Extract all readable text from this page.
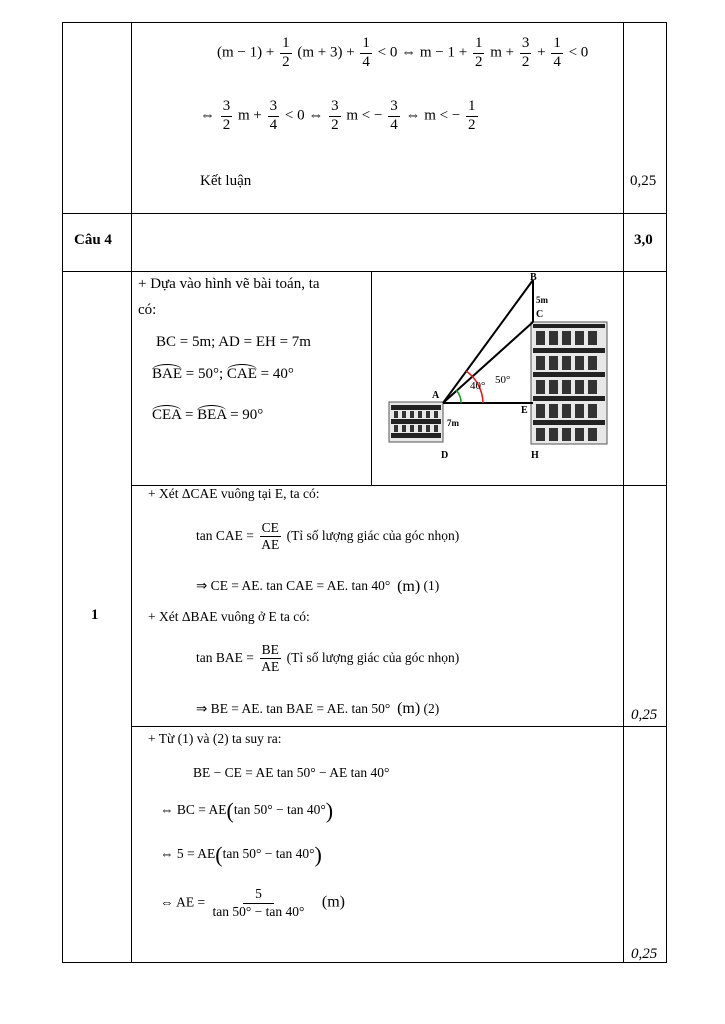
$(m - 1) + \frac{1}{2} (m + 3) + \frac{1}{4} < 0$ ⇔ $m - 1 + \frac{1}{2}$ $m + \frac{3}{2} + \frac{1}{4} < 0$
⇔ $\frac{3}{2}$ $m + \frac{3}{4} < 0$ ⇔ $\frac{3}{2}$ m < − $\frac{3}{4}$ ⇔ m < − $\frac{1}{2}$
Kết luận	0,25
Câu 4	3,0
1
+ Dựa vào hình vẽ bài toán, ta
có:
BC = 5m; AD = EH = 7m
BAE = 50°; CAE = 40°
CEA = BEA = 90°
B
5m
C
A
E
7m
D	H
40° 50°
+ Xét ΔCAE vuông tại E, ta có:
tan CAE = $\frac{CE}{AE}$ (Tỉ số lượng giác của góc nhọn)
⇒ CE = AE. tan CAE = AE. tan 40° (m) (1)
+ Xét ΔBAE vuông ở E ta có:
tan BAE = $\frac{BE}{AE}$ (Tỉ số lượng giác của góc nhọn)
⇒ BE = AE. tan BAE = AE. tan 50° (m) (2)	0,25
+ Từ (1) và (2) ta suy ra:
BE − CE = AE tan 50° − AE tan 40°
⇔ BC = AE(tan 50° − tan 40°)
⇔ 5 = AE(tan 50° − tan 40°)
⇔ AE = $\frac{5}{\tan 50^\circ - \tan 40^\circ} (m)$
0,25
